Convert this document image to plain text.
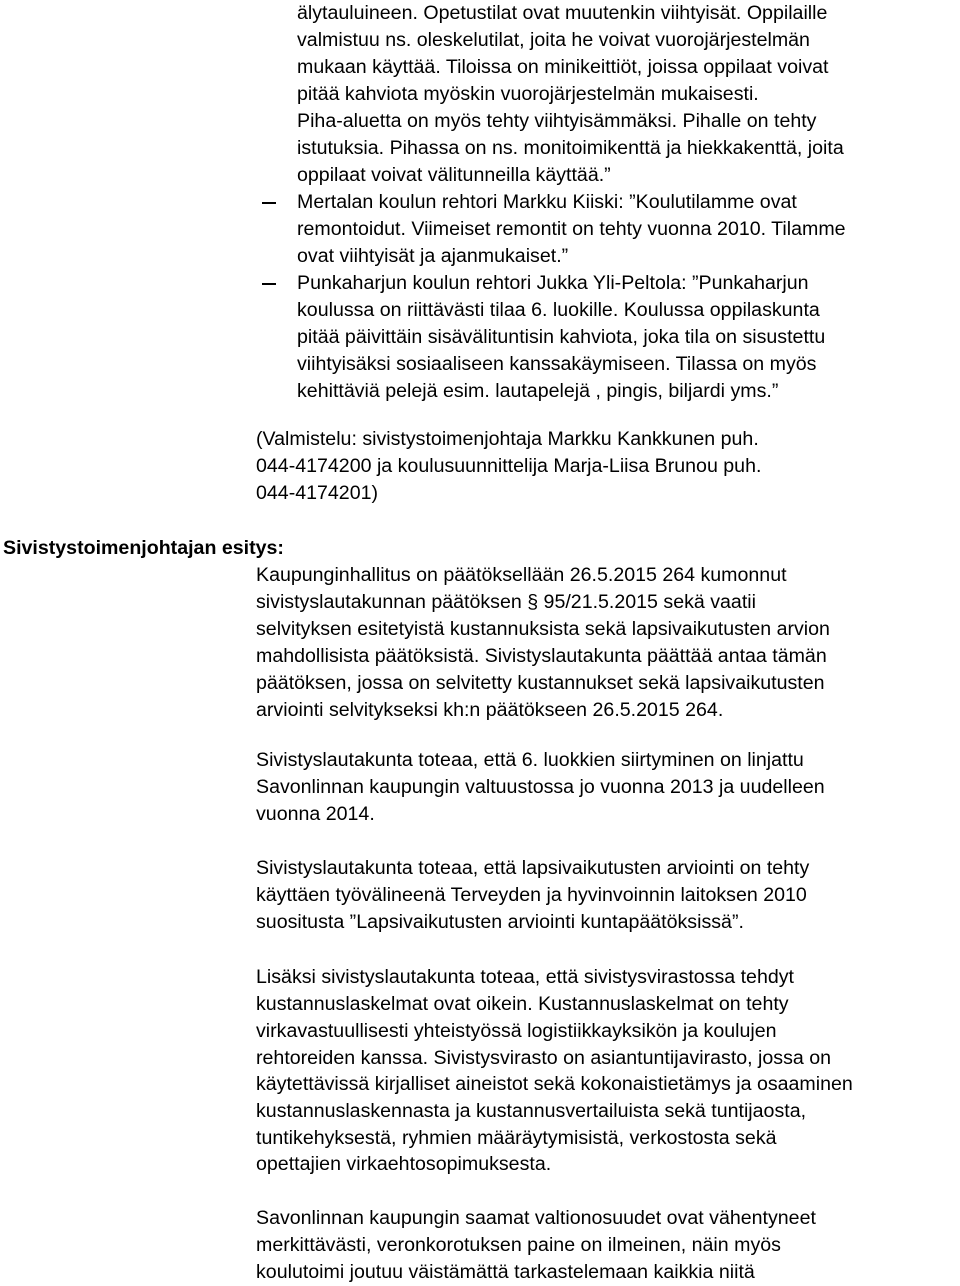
älytauluineen. Opetustilat ovat muutenkin viihtyisät. Oppilaille
valmistuu ns. oleskelutilat, joita he voivat vuorojärjestelmän
mukaan käyttää. Tiloissa on minikeittiöt, joissa oppilaat voivat
pitää kahviota myöskin vuorojärjestelmän mukaisesti.
Piha-aluetta on myös tehty viihtyisämmäksi. Pihalle on tehty
istutuksia. Pihassa on ns. monitoimikenttä ja hiekkakenttä, joita
oppilaat voivat välitunneilla käyttää.”
Mertalan koulun rehtori Markku Kiiski: ”Koulutilamme ovat
remontoidut. Viimeiset remontit on tehty vuonna 2010. Tilamme
ovat viihtyisät ja ajanmukaiset.”
Punkaharjun koulun rehtori Jukka Yli-Peltola: ”Punkaharjun
koulussa on riittävästi tilaa 6. luokille. Koulussa oppilaskunta
pitää päivittäin sisävälituntisin kahviota, joka tila on sisustettu
viihtyisäksi sosiaaliseen kanssakäymiseen. Tilassa on myös
kehittäviä pelejä esim. lautapelejä , pingis, biljardi yms.”
(Valmistelu: sivistystoimenjohtaja Markku Kankkunen puh.
044-4174200 ja koulusuunnittelija Marja-Liisa Brunou puh.
044-4174201)
Sivistystoimenjohtajan esitys:
Kaupunginhallitus on päätöksellään 26.5.2015 264 kumonnut
sivistyslautakunnan päätöksen § 95/21.5.2015 sekä vaatii
selvityksen esitetyistä kustannuksista sekä lapsivaikutusten arvion
mahdollisista päätöksistä. Sivistyslautakunta päättää antaa tämän
päätöksen, jossa on selvitetty kustannukset sekä lapsivaikutusten
arviointi selvitykseksi kh:n päätökseen 26.5.2015 264.
Sivistyslautakunta toteaa, että 6. luokkien siirtyminen on linjattu
Savonlinnan kaupungin valtuustossa jo vuonna 2013 ja uudelleen
vuonna 2014.
Sivistyslautakunta toteaa, että lapsivaikutusten arviointi on tehty
käyttäen työvälineenä Terveyden ja hyvinvoinnin laitoksen 2010
suositusta ”Lapsivaikutusten arviointi kuntapäätöksissä”.
Lisäksi sivistyslautakunta toteaa, että sivistysvirastossa tehdyt
kustannuslaskelmat ovat oikein. Kustannuslaskelmat on tehty
virkavastuullisesti yhteistyössä logistiikkayksikön ja koulujen
rehtoreiden kanssa. Sivistysvirasto on asiantuntijavirasto, jossa on
käytettävissä kirjalliset aineistot sekä kokonaistietämys ja osaaminen
kustannuslaskennasta ja kustannusvertailuista sekä tuntijaosta,
tuntikehyksestä, ryhmien määräytymisistä, verkostosta sekä
opettajien virkaehtosopimuksesta.
Savonlinnan kaupungin saamat valtionosuudet ovat vähentyneet
merkittävästi, veronkorotuksen paine on ilmeinen, näin myös
koulutoimi joutuu väistämättä tarkastelemaan kaikkia niitä
